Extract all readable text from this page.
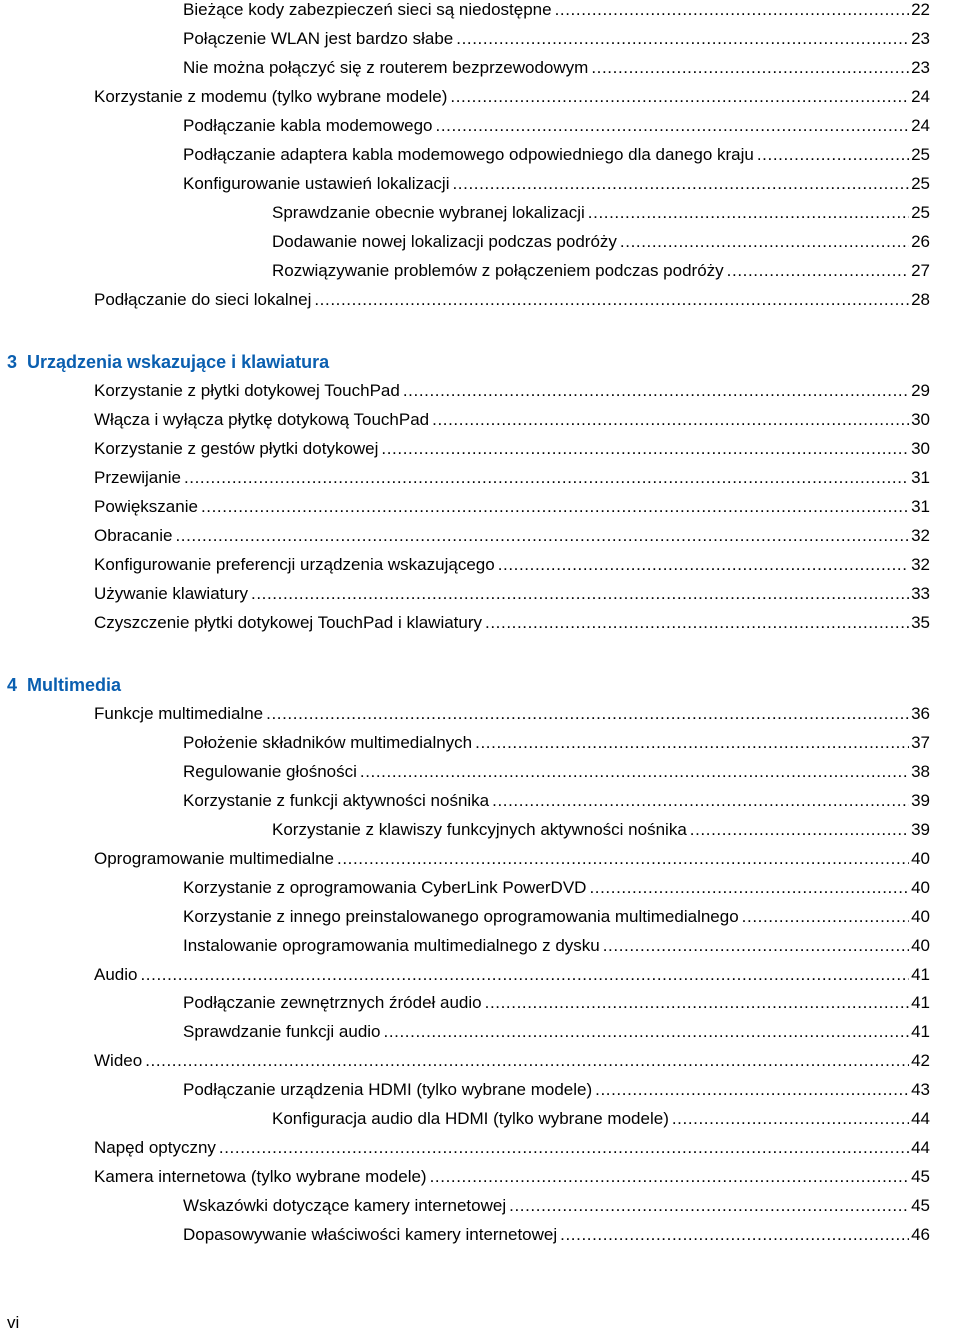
Bieżące kody zabezpieczeń sieci są niedostępne .....	22
Połączenie WLAN jest bardzo słabe .....	23
Nie można połączyć się z routerem bezprzewodowym .....	23
Korzystanie z modemu (tylko wybrane modele) .....	24
Podłączanie kabla modemowego .....	24
Podłączanie adaptera kabla modemowego odpowiedniego dla danego kraju .....	25
Konfigurowanie ustawień lokalizacji .....	25
Sprawdzanie obecnie wybranej lokalizacji .....	25
Dodawanie nowej lokalizacji podczas podróży .....	26
Rozwiązywanie problemów z połączeniem podczas podróży .....	27
Podłączanie do sieci lokalnej .....	28
3 Urządzenia wskazujące i klawiatura
Korzystanie z płytki dotykowej TouchPad .....	29
Włącza i wyłącza płytkę dotykową TouchPad .....	30
Korzystanie z gestów płytki dotykowej .....	30
Przewijanie .....	31
Powiększanie .....	31
Obracanie .....	32
Konfigurowanie preferencji urządzenia wskazującego .....	32
Używanie klawiatury .....	33
Czyszczenie płytki dotykowej TouchPad i klawiatury .....	35
4 Multimedia
Funkcje multimedialne .....	36
Położenie składników multimedialnych .....	37
Regulowanie głośności .....	38
Korzystanie z funkcji aktywności nośnika .....	39
Korzystanie z klawiszy funkcyjnych aktywności nośnika .....	39
Oprogramowanie multimedialne .....	40
Korzystanie z oprogramowania CyberLink PowerDVD .....	40
Korzystanie z innego preinstalowanego oprogramowania multimedialnego .....	40
Instalowanie oprogramowania multimedialnego z dysku .....	40
Audio .....	41
Podłączanie zewnętrznych źródeł audio .....	41
Sprawdzanie funkcji audio .....	41
Wideo .....	42
Podłączanie urządzenia HDMI (tylko wybrane modele) .....	43
Konfiguracja audio dla HDMI (tylko wybrane modele) .....	44
Napęd optyczny .....	44
Kamera internetowa (tylko wybrane modele) .....	45
Wskazówki dotyczące kamery internetowej .....	45
Dopasowywanie właściwości kamery internetowej .....	46
vi
